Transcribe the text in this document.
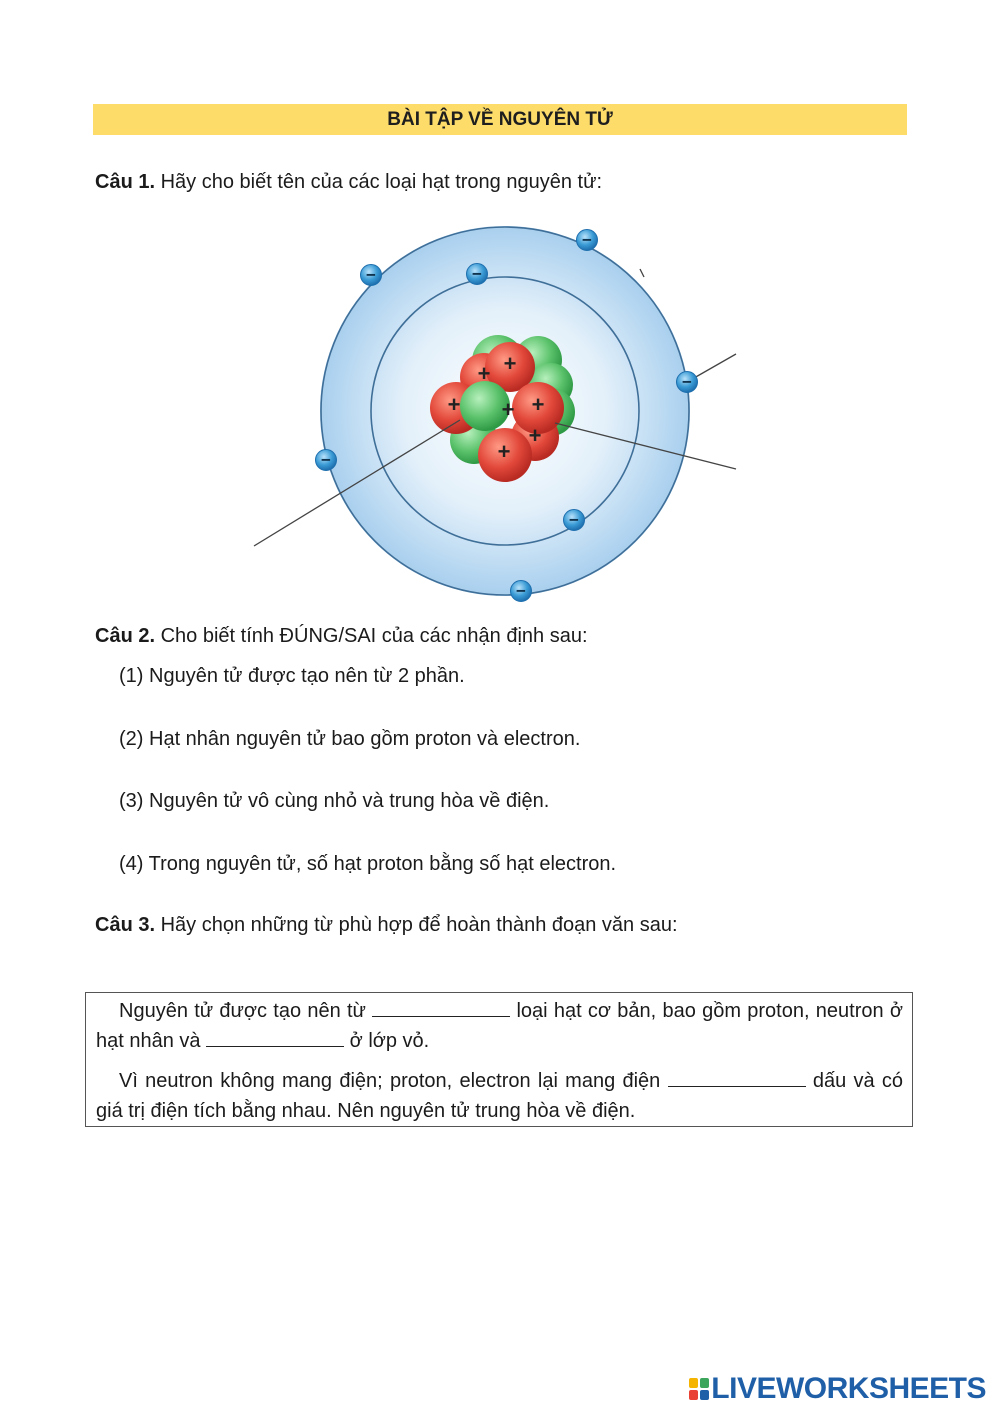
BÀI TẬP VỀ NGUYÊN TỬ
Câu 1. Hãy cho biết tên của các loại hạt trong nguyên tử:
+ +
+ + +
+
+
−
−	−
−
−
−
−
Câu 2. Cho biết tính ĐÚNG/SAI của các nhận định sau:
(1) Nguyên tử được tạo nên từ 2 phần.
(2) Hạt nhân nguyên tử bao gồm proton và electron.
(3) Nguyên tử vô cùng nhỏ và trung hòa về điện.
(4) Trong nguyên tử, số hạt proton bằng số hạt electron.
Câu 3. Hãy chọn những từ phù hợp để hoàn thành đoạn văn sau:

Nguyên tử được tạo nên từ	loại hạt cơ bản, bao gồm proton, neutron ở hạt nhân và	ở lớp vỏ.

Vì neutron không mang điện; proton, electron lại mang điện	dấu và có giá trị điện tích bằng nhau. Nên nguyên tử trung hòa về điện.

LIVEWORKSHEETS
